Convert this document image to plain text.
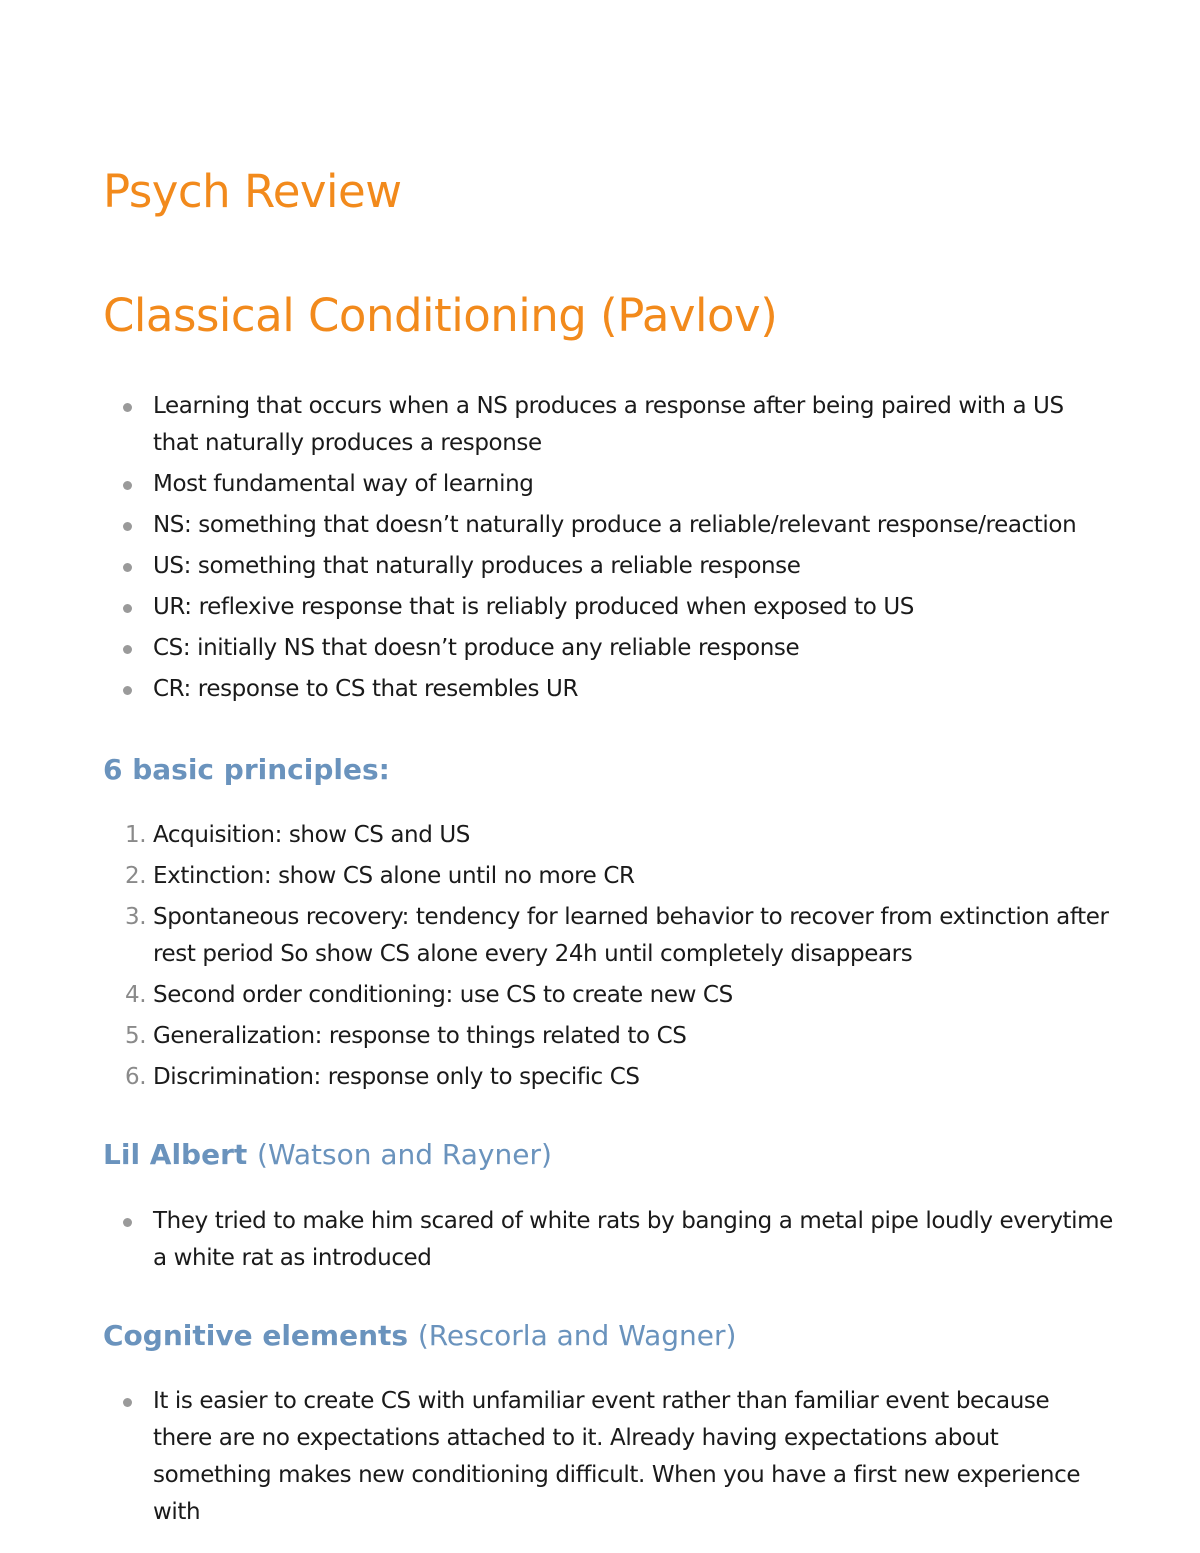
Psych Review
Classical Conditioning (Pavlov)
Learning that occurs when a NS produces a response after being paired with a US that naturally produces a response
Most fundamental way of learning
NS: something that doesn’t naturally produce a reliable/relevant response/reaction
US: something that naturally produces a reliable response
UR: reflexive response that is reliably produced when exposed to US
CS: initially NS that doesn’t produce any reliable response
CR: response to CS that resembles UR
6 basic principles:
1. Acquisition: show CS and US
2. Extinction: show CS alone until no more CR
3. Spontaneous recovery: tendency for learned behavior to recover from extinction after rest period So show CS alone every 24h until completely disappears
4. Second order conditioning: use CS to create new CS
5. Generalization: response to things related to CS
6. Discrimination: response only to specific CS
Lil Albert (Watson and Rayner)
They tried to make him scared of white rats by banging a metal pipe loudly everytime a white rat as introduced
Cognitive elements (Rescorla and Wagner)
It is easier to create CS with unfamiliar event rather than familiar event because there are no expectations attached to it. Already having expectations about something makes new conditioning difficult. When you have a first new experience with
